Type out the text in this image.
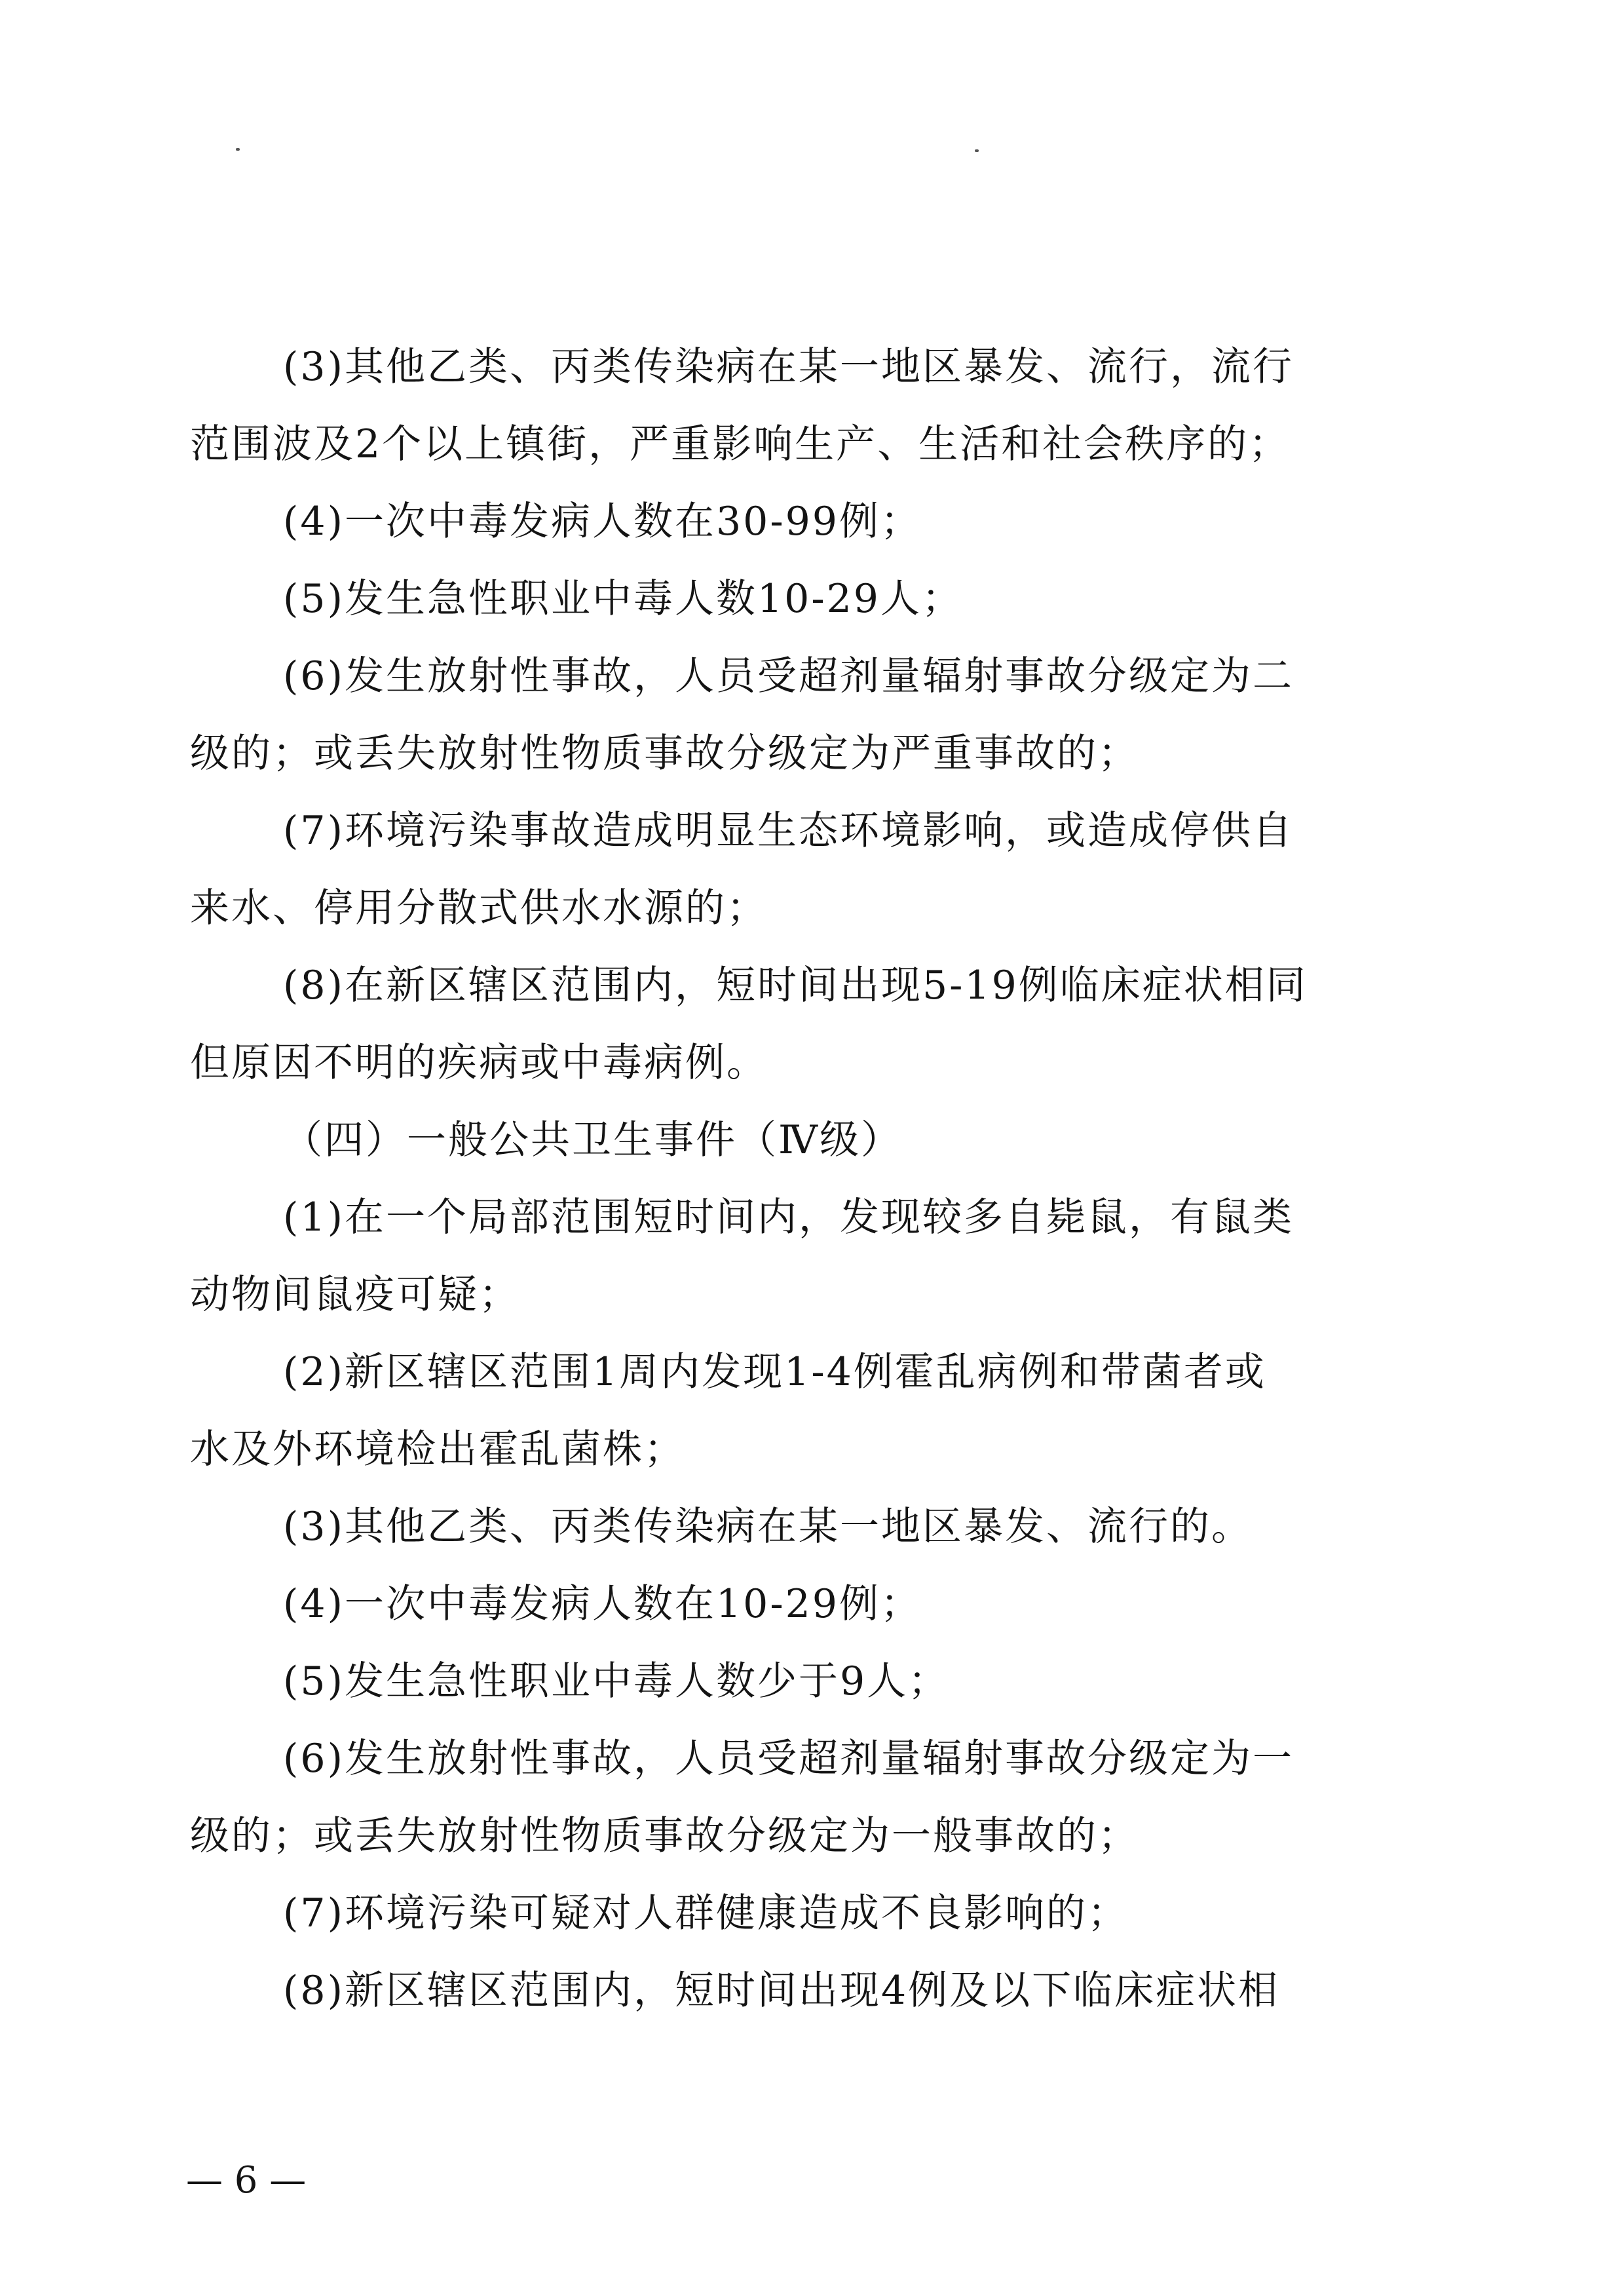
(3)其他乙类、丙类传染病在某一地区暴发、流行，流行
范围波及2个以上镇街，严重影响生产、生活和社会秩序的；
(4)一次中毒发病人数在30-99例；
(5)发生急性职业中毒人数10-29人；
(6)发生放射性事故，人员受超剂量辐射事故分级定为二
级的；或丢失放射性物质事故分级定为严重事故的；
(7)环境污染事故造成明显生态环境影响，或造成停供自
来水、停用分散式供水水源的；
(8)在新区辖区范围内，短时间出现5-19例临床症状相同
但原因不明的疾病或中毒病例。
（四）一般公共卫生事件（Ⅳ级）
(1)在一个局部范围短时间内，发现较多自毙鼠，有鼠类
动物间鼠疫可疑；
(2)新区辖区范围1周内发现1-4例霍乱病例和带菌者或
水及外环境检出霍乱菌株；
(3)其他乙类、丙类传染病在某一地区暴发、流行的。
(4)一次中毒发病人数在10-29例；
(5)发生急性职业中毒人数少于9人；
(6)发生放射性事故，人员受超剂量辐射事故分级定为一
级的；或丢失放射性物质事故分级定为一般事故的；
(7)环境污染可疑对人群健康造成不良影响的；
(8)新区辖区范围内，短时间出现4例及以下临床症状相
— 6 —
